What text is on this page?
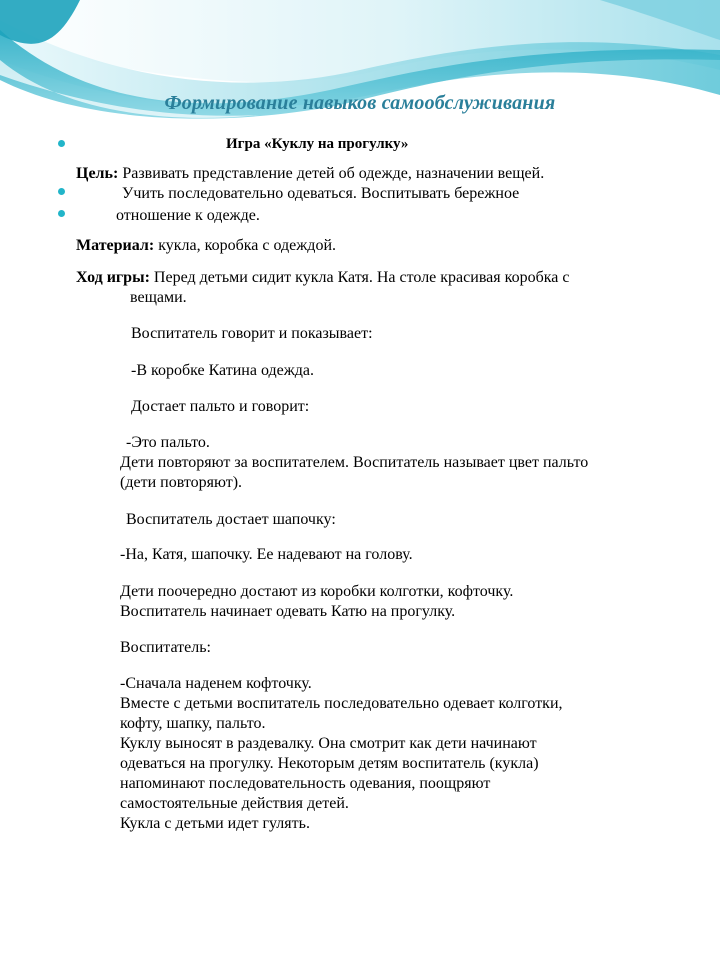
Формирование навыков самообслуживания
Игра «Куклу на прогулку»
Цель: Развивать представление детей об одежде, назначении вещей.
Учить последовательно одеваться. Воспитывать бережное
отношение к одежде.
Материал: кукла, коробка с одеждой.
Ход игры: Перед детьми сидит кукла Катя. На столе красивая коробка с
вещами.
Воспитатель говорит и показывает:
-В коробке Катина одежда.
Достает пальто и говорит:
-Это пальто.
Дети повторяют за воспитателем. Воспитатель называет цвет пальто
(дети повторяют).
Воспитатель достает шапочку:
-На, Катя, шапочку. Ее надевают на голову.
Дети поочередно достают из коробки колготки, кофточку.
Воспитатель начинает одевать Катю на прогулку.
Воспитатель:
-Сначала наденем кофточку.
Вместе с детьми воспитатель последовательно одевает колготки,
кофту, шапку, пальто.
Куклу выносят в раздевалку. Она смотрит как дети начинают
одеваться на прогулку. Некоторым детям воспитатель (кукла)
напоминают последовательность одевания, поощряют
самостоятельные действия детей.
Кукла с детьми идет гулять.
